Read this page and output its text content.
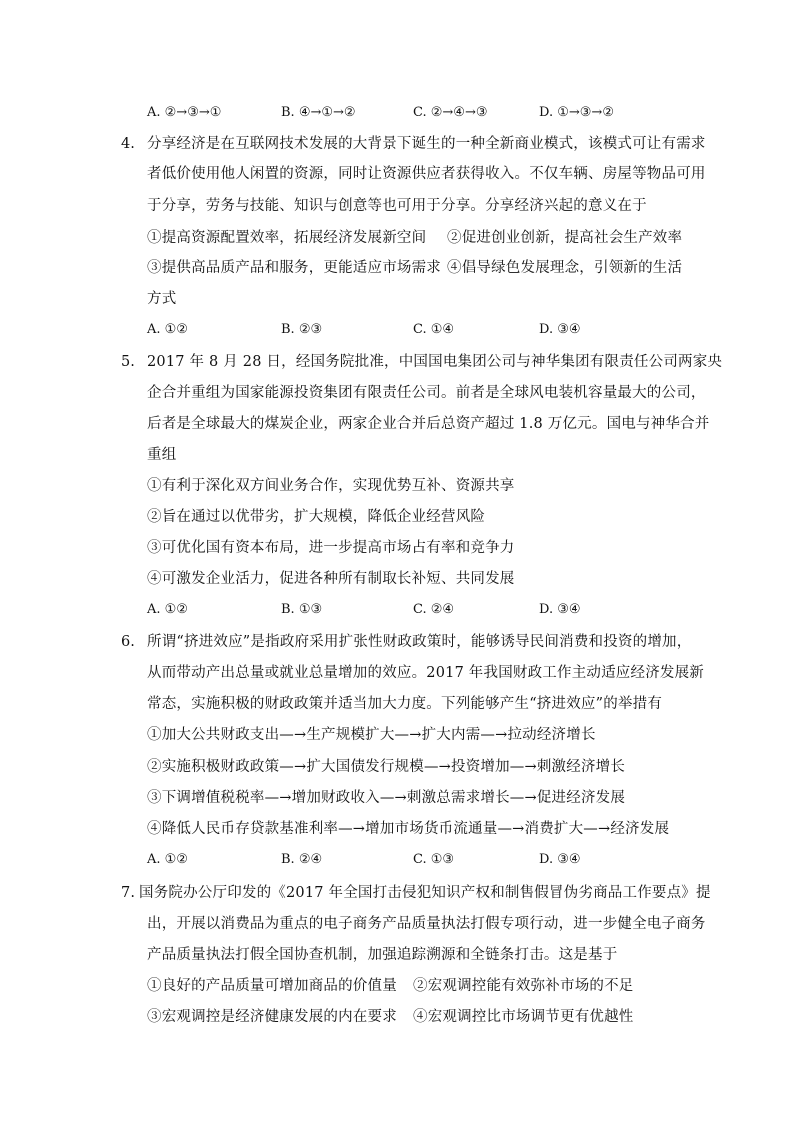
A. ②→③→①	B. ④→①→②	C. ②→④→③	D. ①→③→②
4. 分享经济是在互联网技术发展的大背景下诞生的一种全新商业模式，该模式可让有需求
者低价使用他人闲置的资源，同时让资源供应者获得收入。不仅车辆、房屋等物品可用
于分享，劳务与技能、知识与创意等也可用于分享。分享经济兴起的意义在于
①提高资源配置效率，拓展经济发展新空间 ②促进创业创新，提高社会生产效率
③提供高品质产品和服务，更能适应市场需求 ④倡导绿色发展理念，引领新的生活
方式
A. ①②	B. ②③	C. ①④	D. ③④
5. 2017 年 8 月 28 日，经国务院批准，中国国电集团公司与神华集团有限责任公司两家央
企合并重组为国家能源投资集团有限责任公司。前者是全球风电装机容量最大的公司，
后者是全球最大的煤炭企业，两家企业合并后总资产超过 1.8 万亿元。国电与神华合并
重组
①有利于深化双方间业务合作，实现优势互补、资源共享
②旨在通过以优带劣，扩大规模，降低企业经营风险
③可优化国有资本布局，进一步提高市场占有率和竞争力
④可激发企业活力，促进各种所有制取长补短、共同发展
A. ①②	B. ①③	C. ②④	D. ③④
6. 所谓“挤进效应”是指政府采用扩张性财政政策时，能够诱导民间消费和投资的增加，
从而带动产出总量或就业总量增加的效应。2017 年我国财政工作主动适应经济发展新
常态，实施积极的财政政策并适当加大力度。下列能够产生“挤进效应”的举措有
①加大公共财政支出—→生产规模扩大—→扩大内需—→拉动经济增长
②实施积极财政政策—→扩大国债发行规模—→投资增加—→刺激经济增长
③下调增值税税率—→增加财政收入—→刺激总需求增长—→促进经济发展
④降低人民币存贷款基准利率—→增加市场货币流通量—→消费扩大—→经济发展
A. ①②	B. ②④	C. ①③	D. ③④
7. 国务院办公厅印发的《2017 年全国打击侵犯知识产权和制售假冒伪劣商品工作要点》提
出，开展以消费品为重点的电子商务产品质量执法打假专项行动，进一步健全电子商务
产品质量执法打假全国协查机制，加强追踪溯源和全链条打击。这是基于
①良好的产品质量可增加商品的价值量 ②宏观调控能有效弥补市场的不足
③宏观调控是经济健康发展的内在要求 ④宏观调控比市场调节更有优越性
